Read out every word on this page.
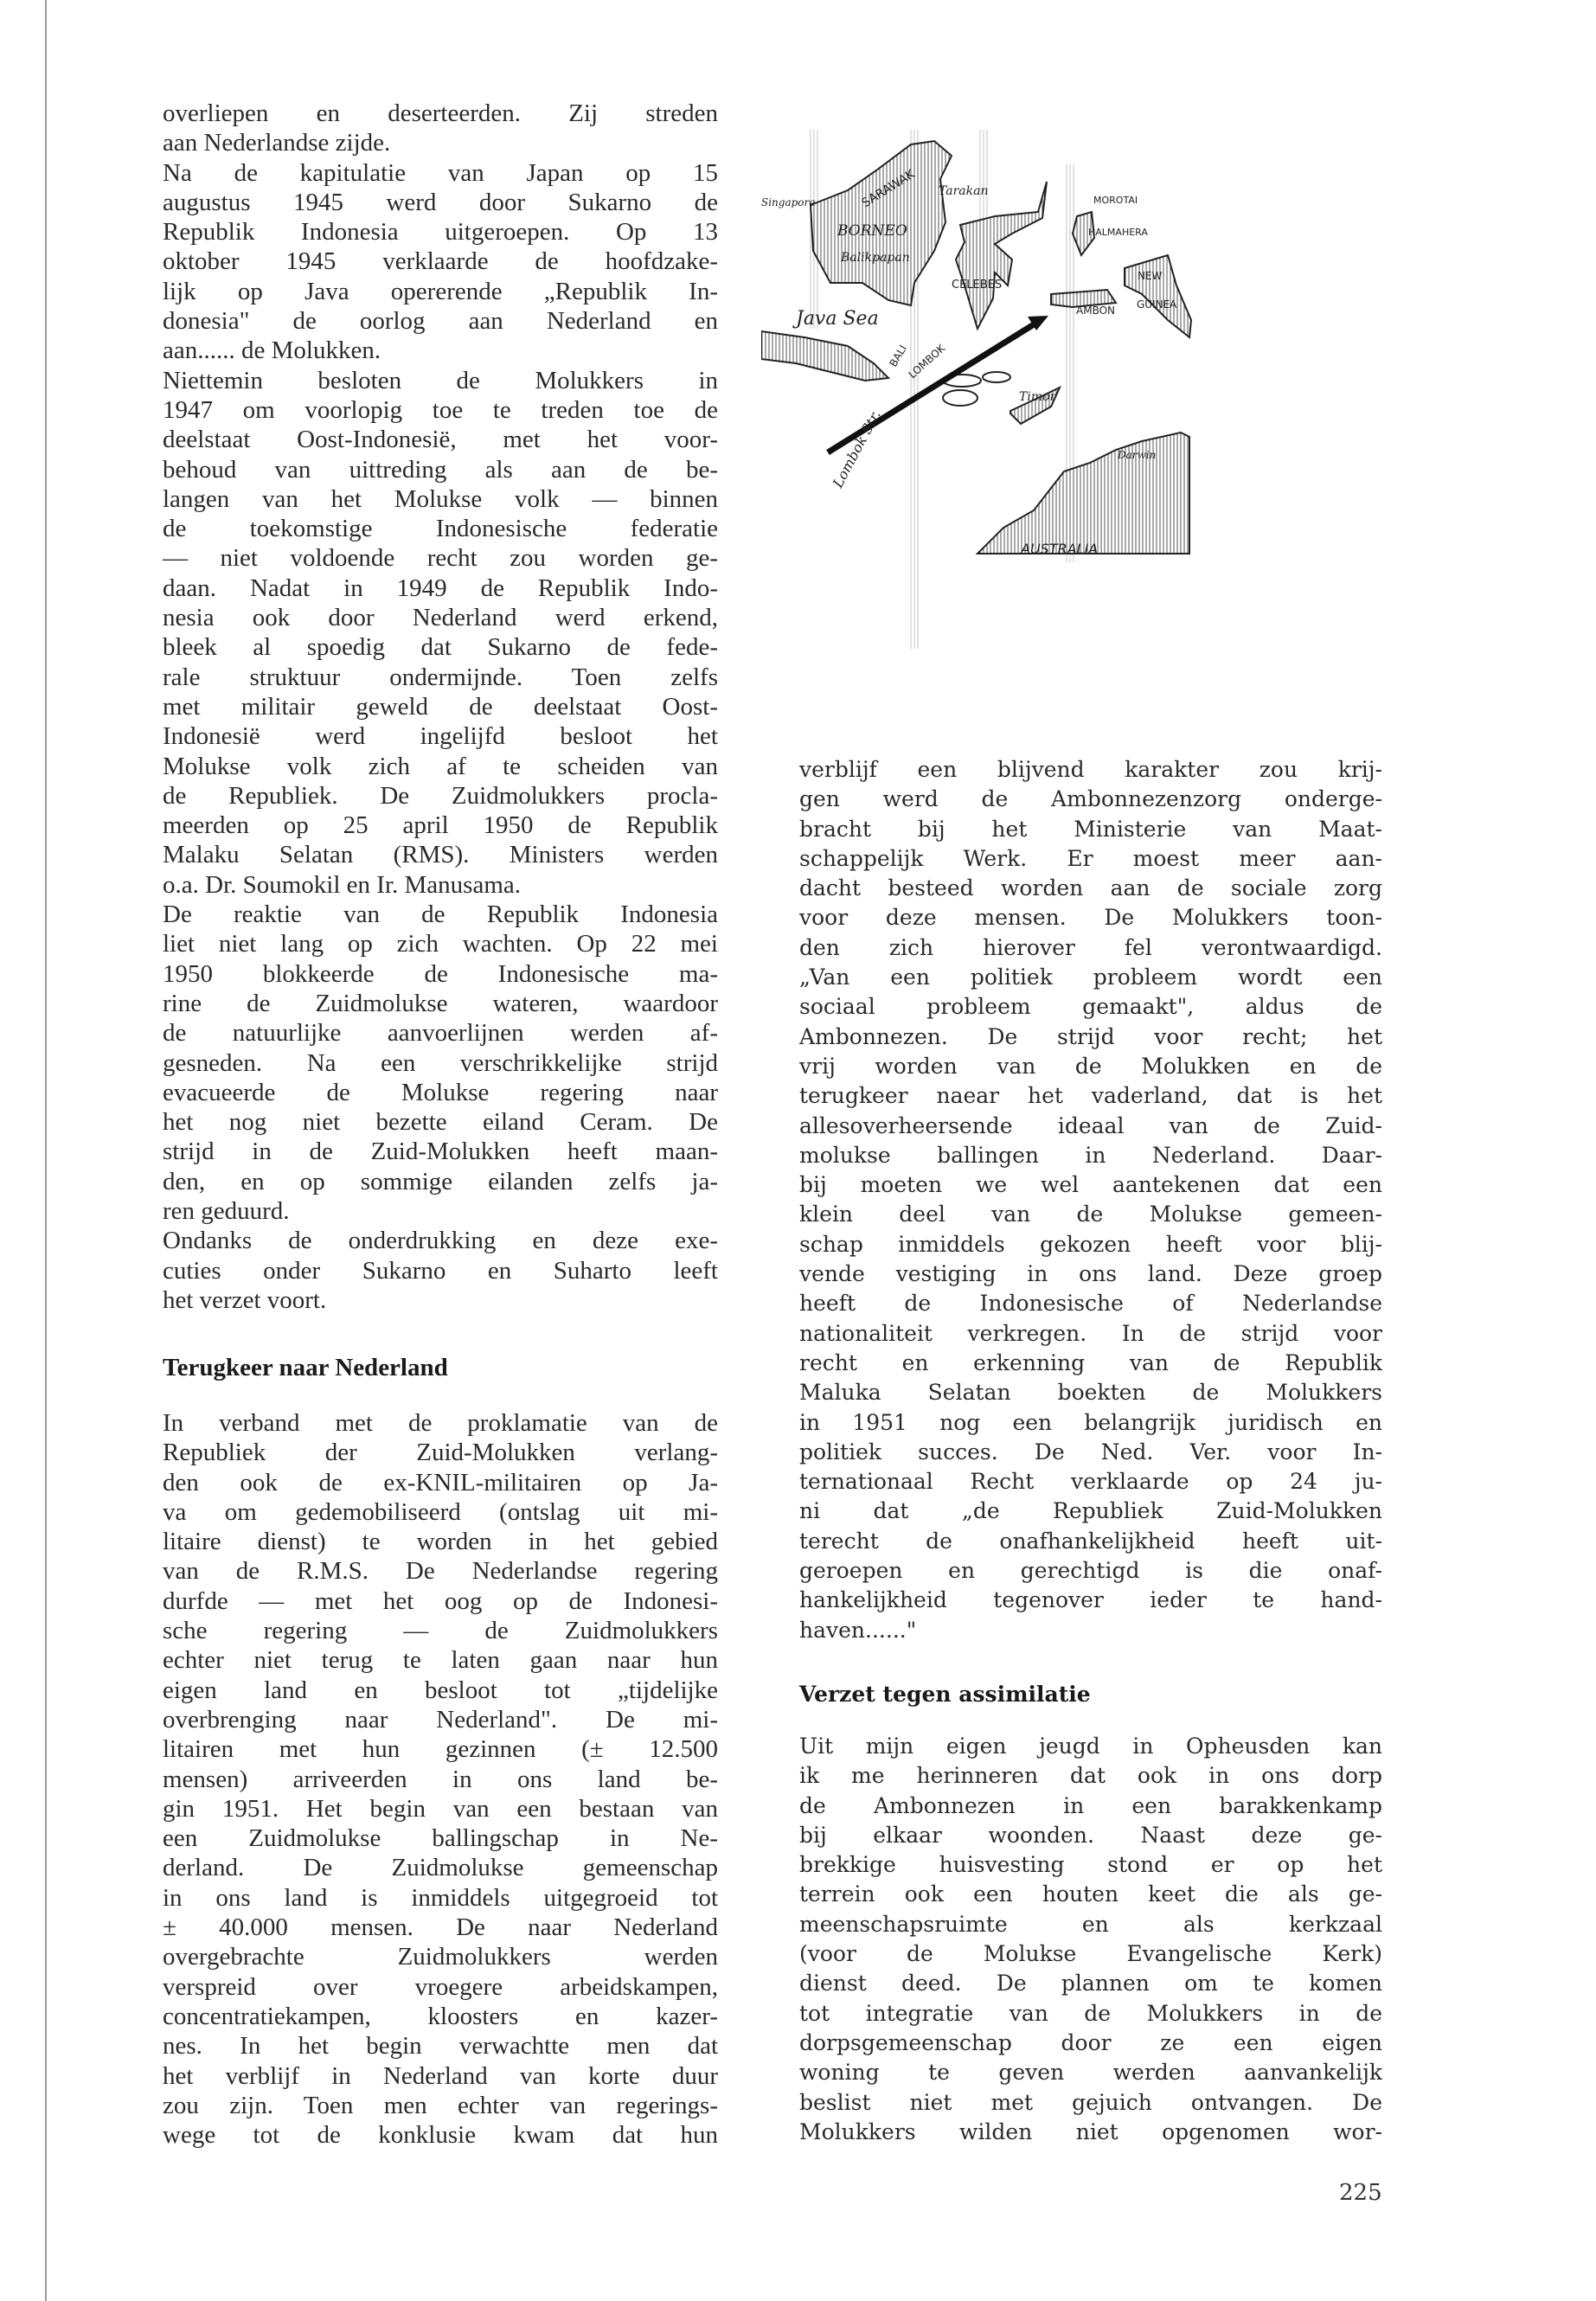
overliepen en deserteerden. Zij streden
aan Nederlandse zijde.
Na de kapitulatie van Japan op 15
augustus 1945 werd door Sukarno de
Republik Indonesia uitgeroepen. Op 13
oktober 1945 verklaarde de hoofdzake-
lijk op Java opererende „Republik In-
donesia" de oorlog aan Nederland en
aan...... de Molukken.
Niettemin besloten de Molukkers in
1947 om voorlopig toe te treden toe de
deelstaat Oost-Indonesië, met het voor-
behoud van uittreding als aan de be-
langen van het Molukse volk — binnen
de toekomstige Indonesische federatie
— niet voldoende recht zou worden ge-
daan. Nadat in 1949 de Republik Indo-
nesia ook door Nederland werd erkend,
bleek al spoedig dat Sukarno de fede-
rale struktuur ondermijnde. Toen zelfs
met militair geweld de deelstaat Oost-
Indonesië werd ingelijfd besloot het
Molukse volk zich af te scheiden van
de Republiek. De Zuidmolukkers procla-
meerden op 25 april 1950 de Republik
Malaku Selatan (RMS). Ministers werden
o.a. Dr. Soumokil en Ir. Manusama.
De reaktie van de Republik Indonesia
liet niet lang op zich wachten. Op 22 mei
1950 blokkeerde de Indonesische ma-
rine de Zuidmolukse wateren, waardoor
de natuurlijke aanvoerlijnen werden af-
gesneden. Na een verschrikkelijke strijd
evacueerde de Molukse regering naar
het nog niet bezette eiland Ceram. De
strijd in de Zuid-Molukken heeft maan-
den, en op sommige eilanden zelfs ja-
ren geduurd.
Ondanks de onderdrukking en deze exe-
cuties onder Sukarno en Suharto leeft
het verzet voort.
Terugkeer naar Nederland
In verband met de proklamatie van de
Republiek der Zuid-Molukken verlang-
den ook de ex-KNIL-militairen op Ja-
va om gedemobiliseerd (ontslag uit mi-
litaire dienst) te worden in het gebied
van de R.M.S. De Nederlandse regering
durfde — met het oog op de Indonesi-
sche regering — de Zuidmolukkers
echter niet terug te laten gaan naar hun
eigen land en besloot tot „tijdelijke
overbrenging naar Nederland". De mi-
litairen met hun gezinnen (± 12.500
mensen) arriveerden in ons land be-
gin 1951. Het begin van een bestaan van
een Zuidmolukse ballingschap in Ne-
derland. De Zuidmolukse gemeenschap
in ons land is inmiddels uitgegroeid tot
± 40.000 mensen. De naar Nederland
overgebrachte Zuidmolukkers werden
verspreid over vroegere arbeidskampen,
concentratiekampen, kloosters en kazer-
nes. In het begin verwachtte men dat
het verblijf in Nederland van korte duur
zou zijn. Toen men echter van regerings-
wege tot de konklusie kwam dat hun
Singapore	SARAWAK Tarakan
BORNEO
Balikpapan
MOROTAI
HALMAHERA
CELEBES
NEW
GUINEA
AMBON
Java Sea
BALI
LOMBOK
Lombok Str.
Timor
Darwin
AUSTRALIA
verblijf een blijvend karakter zou krij-
gen werd de Ambonnezenzorg onderge-
bracht bij het Ministerie van Maat-
schappelijk Werk. Er moest meer aan-
dacht besteed worden aan de sociale zorg
voor deze mensen. De Molukkers toon-
den zich hierover fel verontwaardigd.
„Van een politiek probleem wordt een
sociaal probleem gemaakt", aldus de
Ambonnezen. De strijd voor recht; het
vrij worden van de Molukken en de
terugkeer naear het vaderland, dat is het
allesoverheersende ideaal van de Zuid-
molukse ballingen in Nederland. Daar-
bij moeten we wel aantekenen dat een
klein deel van de Molukse gemeen-
schap inmiddels gekozen heeft voor blij-
vende vestiging in ons land. Deze groep
heeft de Indonesische of Nederlandse
nationaliteit verkregen. In de strijd voor
recht en erkenning van de Republik
Maluka Selatan boekten de Molukkers
in 1951 nog een belangrijk juridisch en
politiek succes. De Ned. Ver. voor In-
ternationaal Recht verklaarde op 24 ju-
ni dat „de Republiek Zuid-Molukken
terecht de onafhankelijkheid heeft uit-
geroepen en gerechtigd is die onaf-
hankelijkheid tegenover ieder te hand-
haven......"
Verzet tegen assimilatie
Uit mijn eigen jeugd in Opheusden kan
ik me herinneren dat ook in ons dorp
de Ambonnezen in een barakkenkamp
bij elkaar woonden. Naast deze ge-
brekkige huisvesting stond er op het
terrein ook een houten keet die als ge-
meenschapsruimte en als kerkzaal
(voor de Molukse Evangelische Kerk)
dienst deed. De plannen om te komen
tot integratie van de Molukkers in de
dorpsgemeenschap door ze een eigen
woning te geven werden aanvankelijk
beslist niet met gejuich ontvangen. De
Molukkers wilden niet opgenomen wor-
225
